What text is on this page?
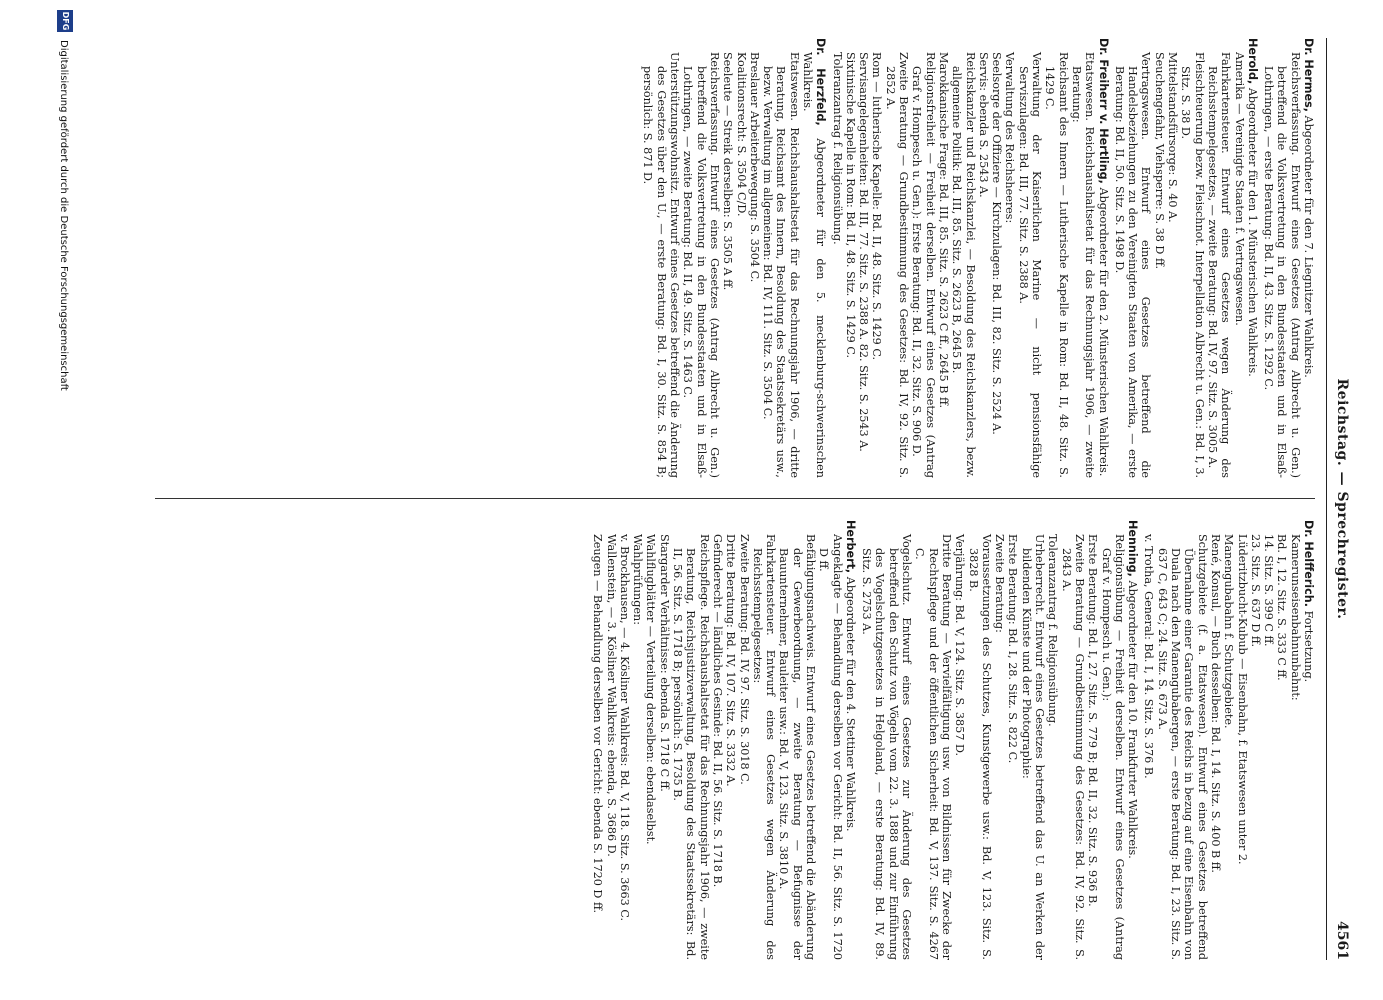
Reichstag. — Sprechregister.
4561
Dr. Hermes, Abgeordneter für den 7. Liegnitzer Wahlkreis.
Reichsverfassung. Entwurf eines Gesetzes (Antrag Albrecht u. Gen.) betreffend die Volksvertretung in den Bundesstaaten und in Elsaß-Lothringen, — erste Beratung: Bd. II, 43. Sitz. S. 1292 C.
Herold, Abgeordneter für den 1. Münsterischen Wahlkreis.
Amerika — Vereinigte Staaten f. Vertragswesen.
Fahrkartensteuer. Entwurf eines Gesetzes wegen Änderung des Reichsstempelgesetzes, — zweite Beratung: Bd. IV, 97. Sitz. S. 3005 A.
Fleischteuerung bezw. Fleischnot. Interpellation Albrecht u. Gen.: Bd. I, 3. Sitz. S. 38 D.
Mittelstandsfürsorge: S. 40 A.
Seuchengefahr, Viehsperre: S. 38 D ff.
Vertragswesen. Entwurf eines Gesetzes betreffend die Handelsbeziehungen zu den Vereinigten Staaten von Amerika, — erste Beratung: Bd. II, 50. Sitz. S. 1498 D.
Dr. Freiherr v. Hertling, Abgeordneter für den 2. Münsterischen Wahlkreis.
Etatswesen. Reichshaushaltsetat für das Rechnungsjahr 1906, — zweite Beratung:
Reichsamt des Innern — Lutherische Kapelle in Rom: Bd. II, 48. Sitz. S. 1429 C.
Verwaltung der Kaiserlichen Marine — nicht pensionsfähige Serviszulagen: Bd. III, 77. Sitz. S. 2388 A.
Verwaltung des Reichsheeres:
Seelsorge der Offiziere — Kirchzulagen: Bd. III, 82. Sitz. S. 2524 A.
Servis: ebenda S. 2543 A.
Reichskanzler und Reichskanzlei, — Besoldung des Reichskanzlers, bezw. allgemeine Politik: Bd. III, 85. Sitz. S. 2623 B, 2645 B.
Marokkanische Frage: Bd. III, 85. Sitz. S. 2623 C ff., 2645 B ff.
Religionsfreiheit — Freiheit derselben. Entwurf eines Gesetzes (Antrag Graf v. Hompesch u. Gen.): Erste Beratung: Bd. II, 32. Sitz. S. 906 D.
Zweite Beratung — Grundbestimmung des Gesetzes: Bd. IV, 92. Sitz. S. 2852 A.
Rom — lutherische Kapelle: Bd. II, 48. Sitz. S. 1429 C.
Servisangelegenheiten: Bd. III, 77. Sitz. S. 2388 A. 82. Sitz. S. 2543 A.
Sixtinische Kapelle in Rom: Bd. II, 48. Sitz. S. 1429 C.
Toleranzantrag f. Religionsübung.
Dr. Herzfeld, Abgeordneter für den 5. mecklenburg-schwerinschen Wahlkreis.
Etatswesen. Reichshaushaltsetat für das Rechnungsjahr 1906, — dritte Beratung, Reichsamt des Innern, Besoldung des Staatssekretärs usw., bezw. Verwaltung im allgemeinen: Bd. IV, 111. Sitz. S. 3504 C.
Breslauer Arbeiterbewegung: S. 3504 C.
Koalitionsrecht: S. 3504 C/D.
Seeleute — Streik derselben: S. 3505 A ff.
Reichsverfassung. Entwurf eines Gesetzes (Antrag Albrecht u. Gen.) betreffend die Volksvertretung in den Bundesstaaten und in Elsaß-Lothringen, — zweite Beratung: Bd. II, 49. Sitz. S. 1463 C.
Unterstützungswohnsitz. Entwurf eines Gesetzes betreffend die Änderung des Gesetzes über den U., — erste Beratung: Bd. I, 30. Sitz. S. 854 B; persönlich: S. 871 D.
Dr. Helfferich. Fortsetzung.
Kamerunseisenbahnunbahnt:
Bd. I, 12. Sitz. S. 333 C ff.
14. Sitz. S. 399 C ff.
23. Sitz. S. 637 D ff.
Lüderitzbucht-Kubub — Eisenbahn, f. Etatswesen unter 2.
Manengubabahn f. Schutzgebiete.
René, Konsul, — Buch desselben: Bd. I, 14. Sitz. S. 400 B ff.
Schutzgebiete (f. a. Etatswesen). Entwurf eines Gesetzes betreffend Übernahme einer Garantie des Reichs in bezug auf eine Eisenbahn von Duala nach den Manengubabergen, — erste Beratung: Bd. I, 23. Sitz. S. 637 C, 643 C; 24. Sitz. S. 673 A.
v. Trotha, General: Bd. I, 14. Sitz. S. 376 B.
Henning, Abgeordneter für den 10. Frankfurter Wahlkreis.
Religionsübung — Freiheit derselben. Entwurf eines Gesetzes (Antrag Graf v. Hompesch u. Gen.):
Erste Beratung: Bd. I, 27. Sitz. S. 779 B; Bd. II, 32. Sitz. S. 936 B.
Zweite Beratung — Grundbestimmung des Gesetzes: Bd. IV, 92. Sitz. S. 2843 A.
Toleranzantrag f. Religionsübung.
Urheberrecht. Entwurf eines Gesetzes betreffend das U. an Werken der bildenden Künste und der Photographie:
Erste Beratung: Bd. I, 28. Sitz. S. 822 C.
Zweite Beratung:
Voraussetzungen des Schutzes, Kunstgewerbe usw.: Bd. V, 123. Sitz. S. 3828 B.
Verjährung: Bd. V, 124. Sitz. S. 3857 D.
Dritte Beratung — Vervielfältigung usw. von Bildnissen für Zwecke der Rechtspflege und der öffentlichen Sicherheit: Bd. V, 137. Sitz. S. 4267 C.
Vogelschutz. Entwurf eines Gesetzes zur Änderung des Gesetzes betreffend den Schutz von Vögeln vom 22. 3. 1888 und zur Einführung des Vogelschutzgesetzes in Helgoland, — erste Beratung: Bd. IV, 89. Sitz. S. 2753 A.
Herbert, Abgeordneter für den 4. Stettiner Wahlkreis.
Angeklagte — Behandlung derselben vor Gericht: Bd. II, 56. Sitz. S. 1720 D ff.
Befähigungsnachweis. Entwurf eines Gesetzes betreffend die Abänderung der Gewerbeordnung, — zweite Beratung — Befugnisse der Bauunternehmer, Bauleiter usw.: Bd. V, 123. Sitz. S. 3810 A.
Fahrkartensteuer. Entwurf eines Gesetzes wegen Änderung des Reichsstempelgesetzes:
Zweite Beratung: Bd. IV, 97. Sitz. S. 3018 C.
Dritte Beratung: Bd. IV, 107. Sitz. S. 3332 A.
Gefinderecht — ländliches Gesinde: Bd. II, 56. Sitz. S. 1718 B.
Reichspflege. Reichshaushaltsetat für das Rechnungsjahr 1906, — zweite Beratung, Reichsjustizverwaltung, Besoldung des Staatssekretärs: Bd. II, 56. Sitz. S. 1718 B; persönlich: S. 1735 B.
Stargarder Verhältnisse: ebenda S. 1718 C ff.
Wahlflugblätter — Verteilung derselben: ebendaselbst.
Wahlprüfungen:
v. Brockhausen, — 4. Kösliner Wahlkreis: Bd. V, 118. Sitz. S. 3663 C.
Wallenstein, — 3. Kösliner Wahlkreis: ebenda, S. 3686 D.
Zeugen — Behandlung derselben vor Gericht: ebenda S. 1720 D ff.
DFG
Digitalisierung gefördert durch die Deutsche Forschungsgemeinschaft
